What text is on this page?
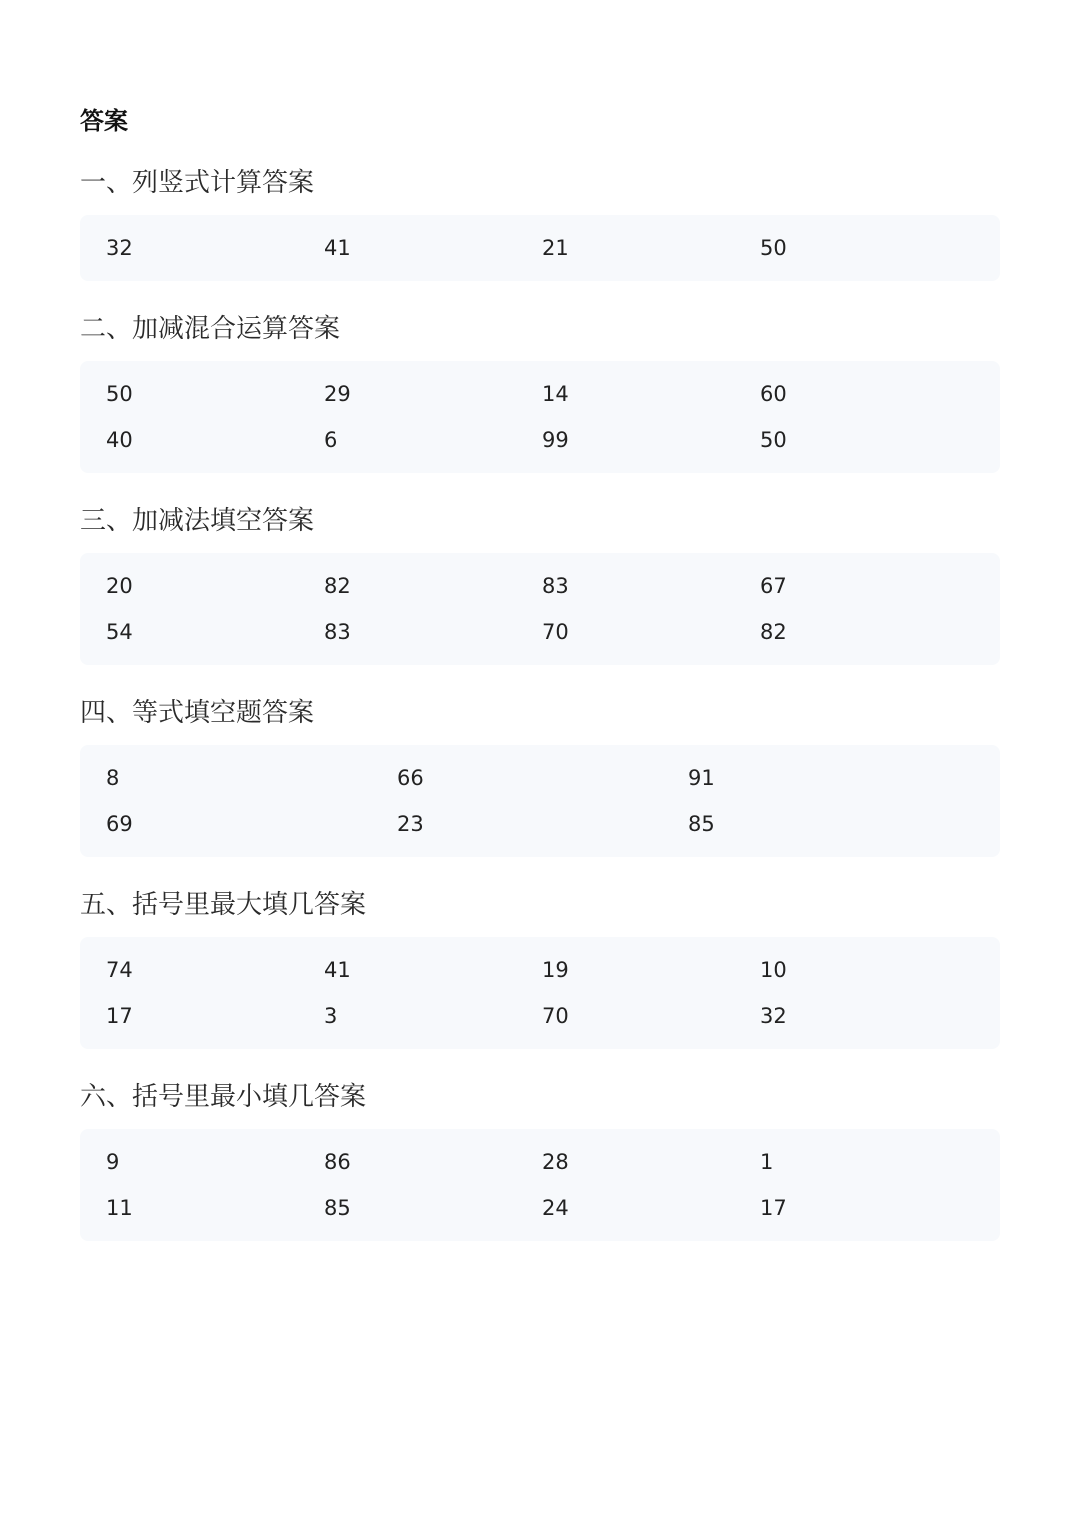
答案
一、列竖式计算答案
32	41	21	50
二、加减混合运算答案
50	29	14	60
40	6	99	50
三、加减法填空答案
20	82	83	67
54	83	70	82
四、等式填空题答案
8	66	91
69	23	85
五、括号里最大填几答案
74	41	19	10
17	3	70	32
六、括号里最小填几答案
9	86	28	1
11	85	24	17
